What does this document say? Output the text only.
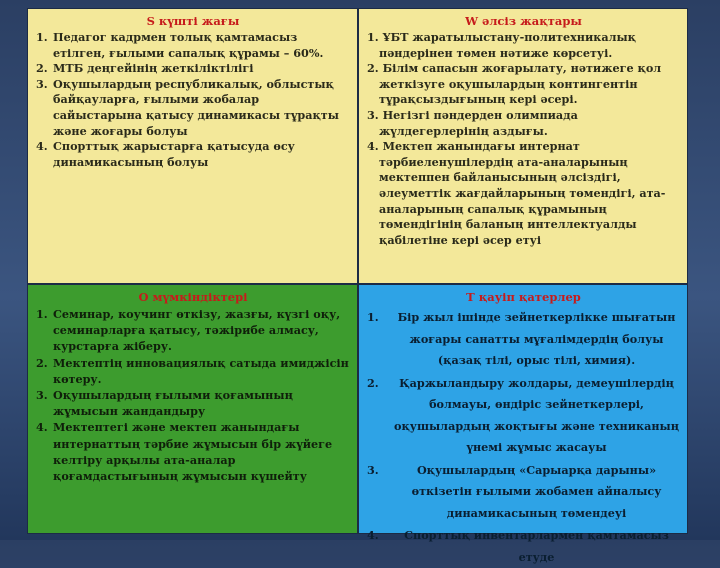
S күшті жағы
1. Педагог кадрмен толық қамтамасыз етілген, ғылыми сапалық құрамы – 60%.
2. МТБ деңгейінің жеткіліктілігі
3. Оқушылардың республикалық, облыстық байқауларға, ғылыми жобалар сайыстарына қатысу динамикасы тұрақты және жоғары болуы
4. Спорттық жарыстарға қатысуда өсу динамикасының болуы
W әлсіз жақтары
1. ҰБТ жаратылыстану-политехникалық пәндерінен төмен нәтиже көрсетуі.
2. Білім сапасын жоғарылату, нәтижеге қол жеткізуге оқушылардың контингентін тұрақсыздығының кері әсері.
3. Негізгі пәндерден олимпиада жүлдегерлерінің аздығы.
4. Мектеп жанындағы интернат тәрбиеленушілердің ата-аналарының мектеппен байланысының әлсіздігі, әлеуметтік жағдайларының төмендігі, ата-аналарының сапалық құрамының төмендігінің баланың интеллектуалды қабілетіне кері әсер етуі
O мүмкіндіктері
1. Семинар, коучинг өткізу, жазғы, күзгі оқу, семинарларға қатысу, тәжірибе алмасу, курстарға жіберу.
2. Мектептің инновациялық сатыда имиджісін көтеру.
3. Оқушылардың ғылыми қоғамының жұмысын жандандыру
4. Мектептегі және мектеп жанындағы интернаттың тәрбие жұмысын бір жүйеге келтіру арқылы ата-аналар қоғамдастығының жұмысын күшейту
T қауіп қатерлер
1.	Бір жыл ішінде зейнеткерлікке шығатын жоғары санатты мұғалімдердің болуы (қазақ тілі, орыс тілі, химия).
2.	Қаржыландыру жолдары, демеушілердің болмауы, өндіріс зейнеткерлері, оқушылардың жоқтығы және техниканың үнемі жұмыс жасауы
3.	Оқушылардың «Сарыарқа дарыны» өткізетін ғылыми жобамен айналысу динамикасының төмендеуі
4.	Спорттық инвентарлармен қамтамасыз етуде
